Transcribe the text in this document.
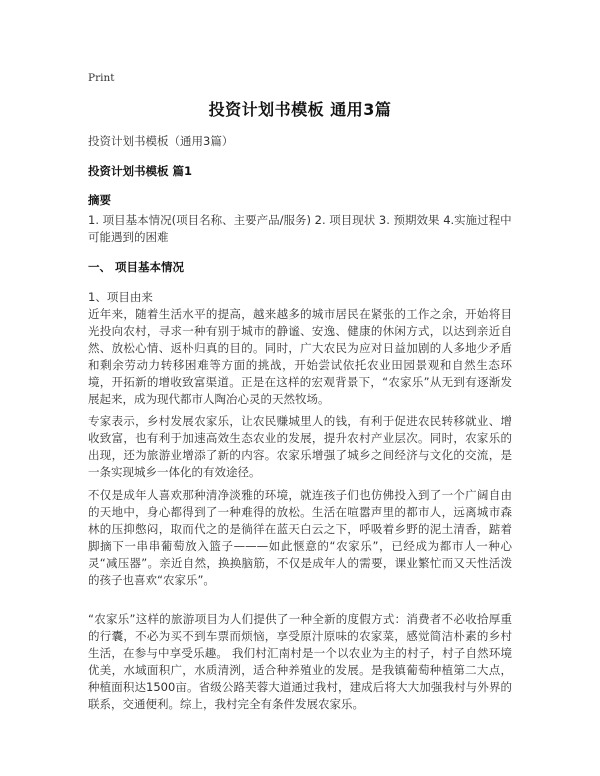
Print
投资计划书模板 通用3篇
投资计划书模板（通用3篇）
投资计划书模板 篇1
摘要
1. 项目基本情况(项目名称、主要产品/服务) 2. 项目现状 3. 预期效果 4.实施过程中可能遇到的困难
一、 项目基本情况
1、项目由来
近年来，随着生活水平的提高，越来越多的城市居民在紧张的工作之余，开始将目光投向农村，寻求一种有别于城市的静谧、安逸、健康的休闲方式，以达到亲近自然、放松心情、返朴归真的目的。同时，广大农民为应对日益加剧的人多地少矛盾和剩余劳动力转移困难等方面的挑战，开始尝试依托农业田园景观和自然生态环境，开拓新的增收致富渠道。正是在这样的宏观背景下，“农家乐”从无到有逐渐发展起来，成为现代都市人陶冶心灵的天然牧场。
专家表示，乡村发展农家乐，让农民赚城里人的钱，有利于促进农民转移就业、增收致富，也有利于加速高效生态农业的发展，提升农村产业层次。同时，农家乐的出现，还为旅游业增添了新的内容。农家乐增强了城乡之间经济与文化的交流，是一条实现城乡一体化的有效途径。
不仅是成年人喜欢那种清净淡雅的环境，就连孩子们也仿佛投入到了一个广阔自由的天地中，身心都得到了一种难得的放松。生活在喧嚣声里的都市人，远离城市森林的压抑憋闷，取而代之的是徜徉在蓝天白云之下，呼吸着乡野的泥土清香，踮着脚摘下一串串葡萄放入篮子———如此惬意的“农家乐”，已经成为都市人一种心灵“减压器”。亲近自然，换换脑筋，不仅是成年人的需要，课业繁忙而又天性活泼的孩子也喜欢“农家乐”。
“农家乐”这样的旅游项目为人们提供了一种全新的度假方式：消费者不必收拾厚重的行囊，不必为买不到车票而烦恼，享受原汁原味的农家菜，感觉简洁朴素的乡村生活，在参与中享受乐趣。 我们村汇南村是一个以农业为主的村子，村子自然环境优美，水域面积广，水质清洌，适合种养殖业的发展。是我镇葡萄种植第二大点，种植面积达1500亩。省级公路芙蓉大道通过我村，建成后将大大加强我村与外界的联系，交通便利。综上，我村完全有条件发展农家乐。
